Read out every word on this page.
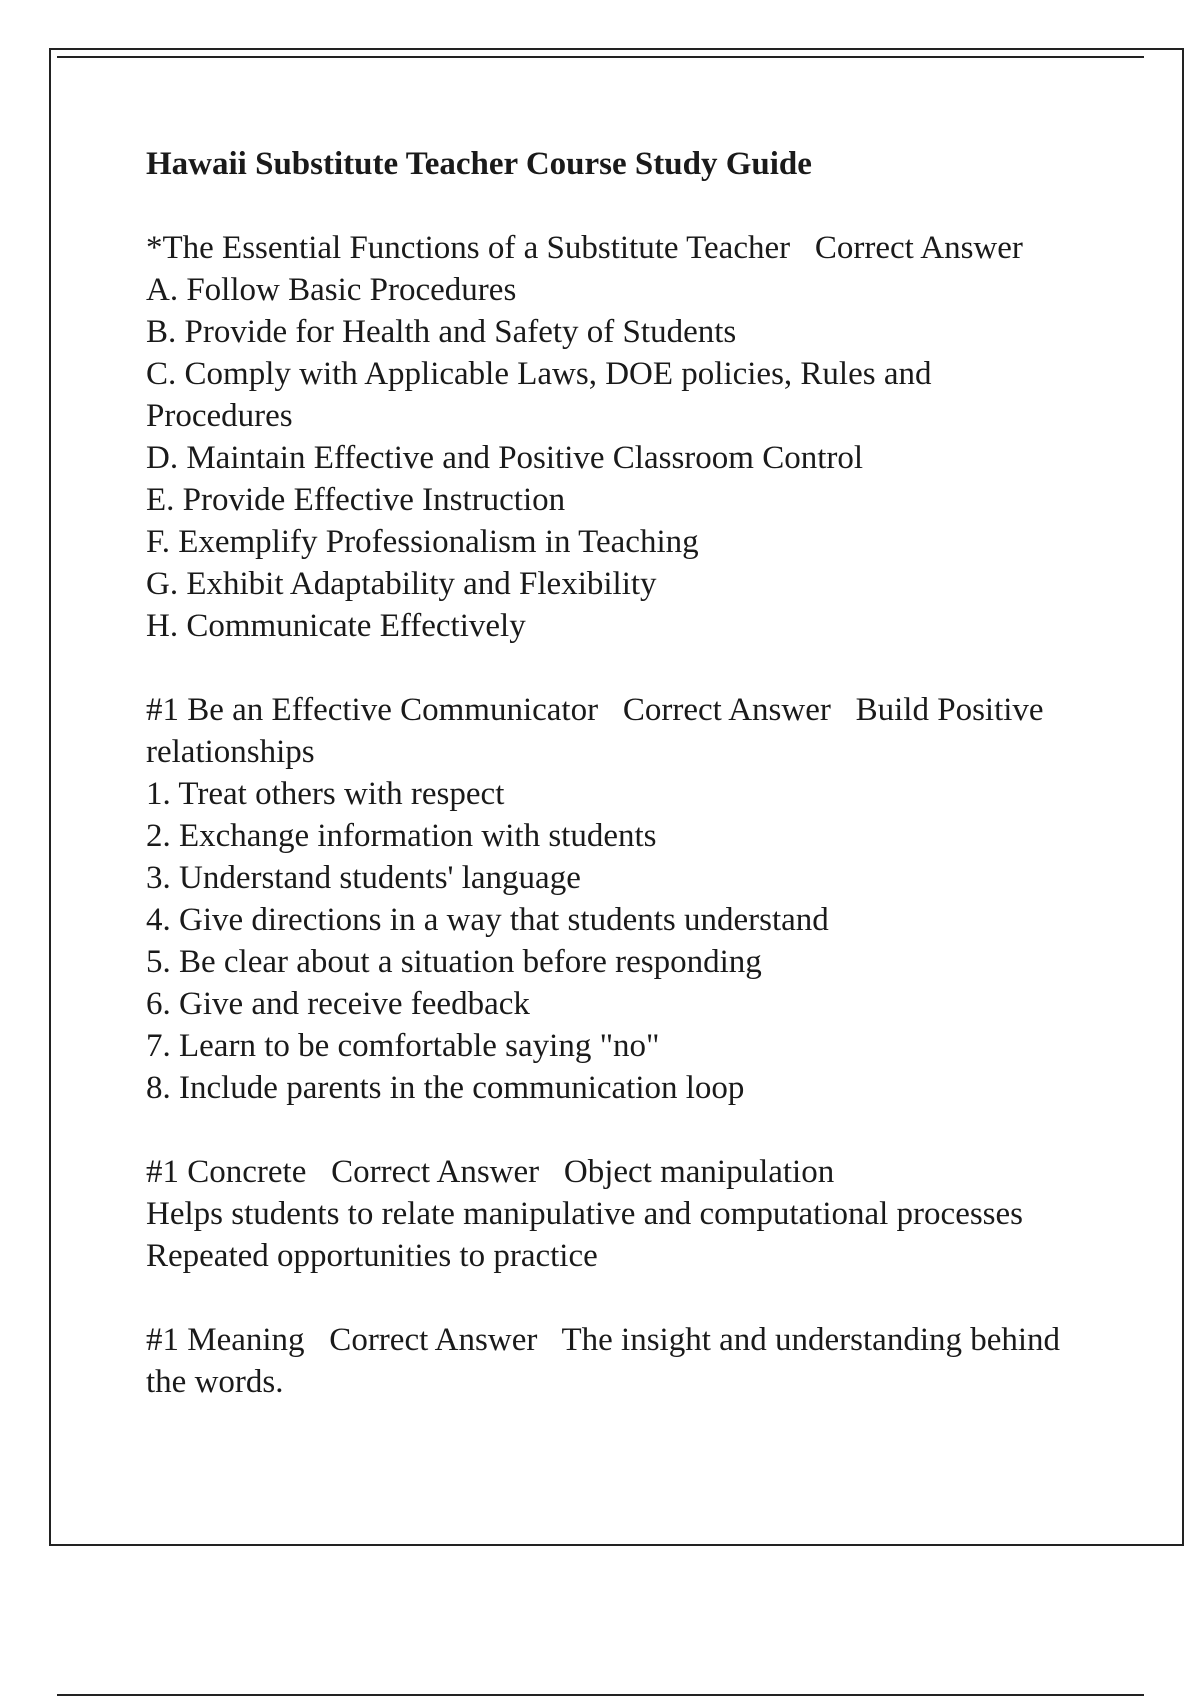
Hawaii Substitute Teacher Course Study Guide
*The Essential Functions of a Substitute Teacher   Correct Answer   A. Follow Basic Procedures
B. Provide for Health and Safety of Students
C. Comply with Applicable Laws, DOE policies, Rules and Procedures
D. Maintain Effective and Positive Classroom Control
E. Provide Effective Instruction
F. Exemplify Professionalism in Teaching
G. Exhibit Adaptability and Flexibility
H. Communicate Effectively
#1 Be an Effective Communicator   Correct Answer   Build Positive relationships
1. Treat others with respect
2. Exchange information with students
3. Understand students' language
4. Give directions in a way that students understand
5. Be clear about a situation before responding
6. Give and receive feedback
7. Learn to be comfortable saying "no"
8. Include parents in the communication loop
#1 Concrete   Correct Answer   Object manipulation
Helps students to relate manipulative and computational processes
Repeated opportunities to practice
#1 Meaning   Correct Answer   The insight and understanding behind the words.
